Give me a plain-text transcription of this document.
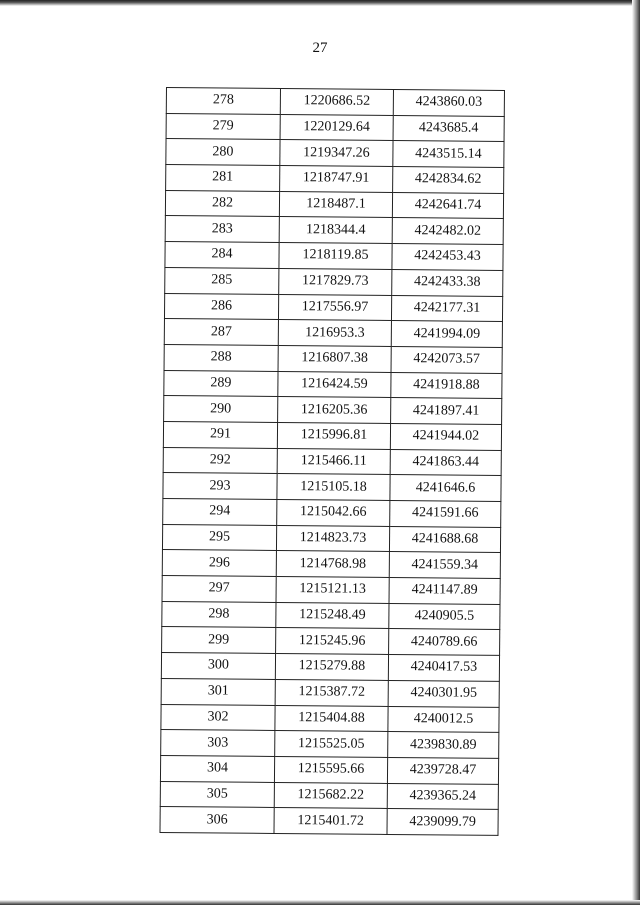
27
278	1220686.52	4243860.03
279	1220129.64	4243685.4
280	1219347.26	4243515.14
281	1218747.91	4242834.62
282	1218487.1	4242641.74
283	1218344.4	4242482.02
284	1218119.85	4242453.43
285	1217829.73	4242433.38
286	1217556.97	4242177.31
287	1216953.3	4241994.09
288	1216807.38	4242073.57
289	1216424.59	4241918.88
290	1216205.36	4241897.41
291	1215996.81	4241944.02
292	1215466.11	4241863.44
293	1215105.18	4241646.6
294	1215042.66	4241591.66
295	1214823.73	4241688.68
296	1214768.98	4241559.34
297	1215121.13	4241147.89
298	1215248.49	4240905.5
299	1215245.96	4240789.66
300	1215279.88	4240417.53
301	1215387.72	4240301.95
302	1215404.88	4240012.5
303	1215525.05	4239830.89
304	1215595.66	4239728.47
305	1215682.22	4239365.24
306	1215401.72	4239099.79
